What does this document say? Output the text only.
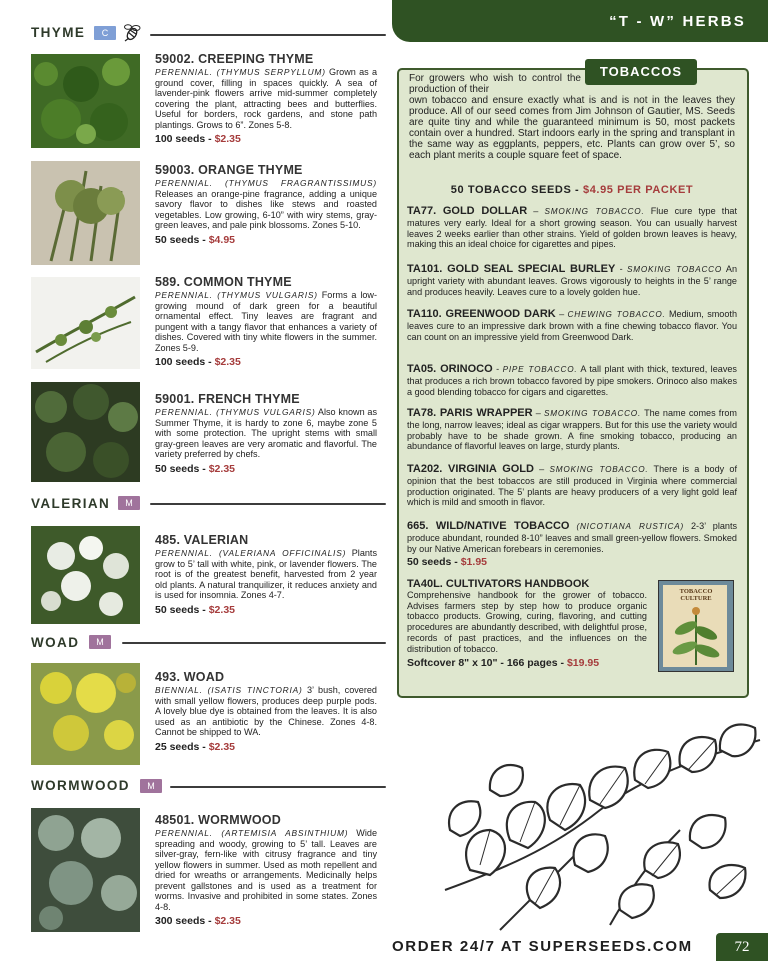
“T - W” HERBS
THYME	C
59002. CREEPING THYME
PERENNIAL. (THYMUS SERPYLLUM) Grown as a ground cover, filling in spaces quickly. A sea of lavender-pink flowers arrive mid-summer completely covering the plant, attracting bees and butterflies. Useful for borders, rock gardens, and stone path plantings. Grows to 6”. Zones 5-8.
100 seeds - $2.35
59003. ORANGE THYME
PERENNIAL. (THYMUS FRAGRANTISSIMUS) Releases an orange-pine fragrance, adding a unique savory flavor to dishes like stews and roasted vegetables. Low growing, 6-10” with wiry stems, gray-green leaves, and pale pink blossoms. Zones 5-10.
50 seeds - $4.95
589. COMMON THYME
PERENNIAL. (THYMUS VULGARIS) Forms a low-growing mound of dark green for a beautiful ornamental effect. Tiny leaves are fragrant and pungent with a tangy flavor that enhances a variety of dishes. Covered with tiny white flowers in the summer. Zones 5-9.
100 seeds - $2.35
59001. FRENCH THYME
PERENNIAL. (THYMUS VULGARIS) Also known as Summer Thyme, it is hardy to zone 6, maybe zone 5 with some protection. The upright stems with small gray-green leaves are very aromatic and flavorful. The variety preferred by chefs.
50 seeds - $2.35
VALERIAN	M
485. VALERIAN
PERENNIAL. (VALERIANA OFFICINALIS) Plants grow to 5’ tall with white, pink, or lavender flowers. The root is of the greatest benefit, harvested from 2 year old plants. A natural tranquilizer, it reduces anxiety and is used for insomnia. Zones 4-7.
50 seeds - $2.35
WOAD	M
493. WOAD
BIENNIAL. (ISATIS TINCTORIA) 3’ bush, covered with small yellow flowers, produces deep purple pods. A lovely blue dye is obtained from the leaves. It is also used as an antibiotic by the Chinese. Zones 4-8. Cannot be shipped to WA.
25 seeds - $2.35
WORMWOOD	M
48501. WORMWOOD
PERENNIAL. (ARTEMISIA ABSINTHIUM) Wide spreading and woody, growing to 5’ tall. Leaves are silver-gray, fern-like with citrusy fragrance and tiny yellow flowers in summer. Used as moth repellent and dried for wreaths or arrangements. Medicinally helps prevent gallstones and is used as a treatment for worms. Invasive and prohibited in some states. Zones 4-8.
300 seeds - $2.35
TOBACCOS
For growers who wish to control the production of their
own tobacco and ensure exactly what is and is not in the leaves they produce. All of our seed comes from Jim Johnson of Gautier, MS. Seeds are quite tiny and while the guaranteed minimum is 50, most packets contain over a hundred. Start indoors early in the spring and transplant in the same way as eggplants, peppers, etc. Plants can grow over 5’, so each plant merits a couple square feet of space.
50 TOBACCO SEEDS - $4.95 PER PACKET
TA77. GOLD DOLLAR – SMOKING TOBACCO. Flue cure type that matures very early. Ideal for a short growing season. You can usually harvest leaves 2 weeks earlier than other strains. Yield of golden brown leaves is heavy, making this an ideal choice for cigarettes and pipes.
TA101. GOLD SEAL SPECIAL BURLEY - SMOKING TOBACCO An upright variety with abundant leaves. Grows vigorously to heights in the 5’ range and produces heavily. Leaves cure to a lovely golden hue.
TA110. GREENWOOD DARK – CHEWING TOBACCO. Medium, smooth leaves cure to an impressive dark brown with a fine chewing tobacco flavor. You can count on an impressive yield from Greenwood Dark.
TA05. ORINOCO - PIPE TOBACCO. A tall plant with thick, textured, leaves that produces a rich brown tobacco favored by pipe smokers. Orinoco also makes a good blending tobacco for cigars and cigarettes.
TA78. PARIS WRAPPER – SMOKING TOBACCO. The name comes from the long, narrow leaves; ideal as cigar wrappers. But for this use the variety would probably have to be shade grown. A fine smoking tobacco, producing an abundance of flavorful leaves on large, sturdy plants.
TA202. VIRGINIA GOLD – SMOKING TOBACCO. There is a body of opinion that the best tobaccos are still produced in Virginia where commercial production originated. The 5’ plants are heavy producers of a very light gold leaf which is mild and smooth in flavor.
665. WILD/NATIVE TOBACCO (NICOTIANA RUSTICA) 2-3’ plants produce abundant, rounded 8-10” leaves and small green-yellow flowers. Smoked by our Native American forebears in ceremonies.
50 seeds - $1.95
TA40L. CULTIVATORS HANDBOOK
Comprehensive handbook for the grower of tobacco. Advises farmers step by step how to produce organic tobacco products. Growing, curing, flavoring, and cutting procedures are abundantly described, with delightful prose, records of past practices, and the influences on the distribution of tobacco.
Softcover 8" x 10" - 166 pages - $19.95
TOBACCO CULTURE
ORDER 24/7 AT SUPERSEEDS.COM	72
